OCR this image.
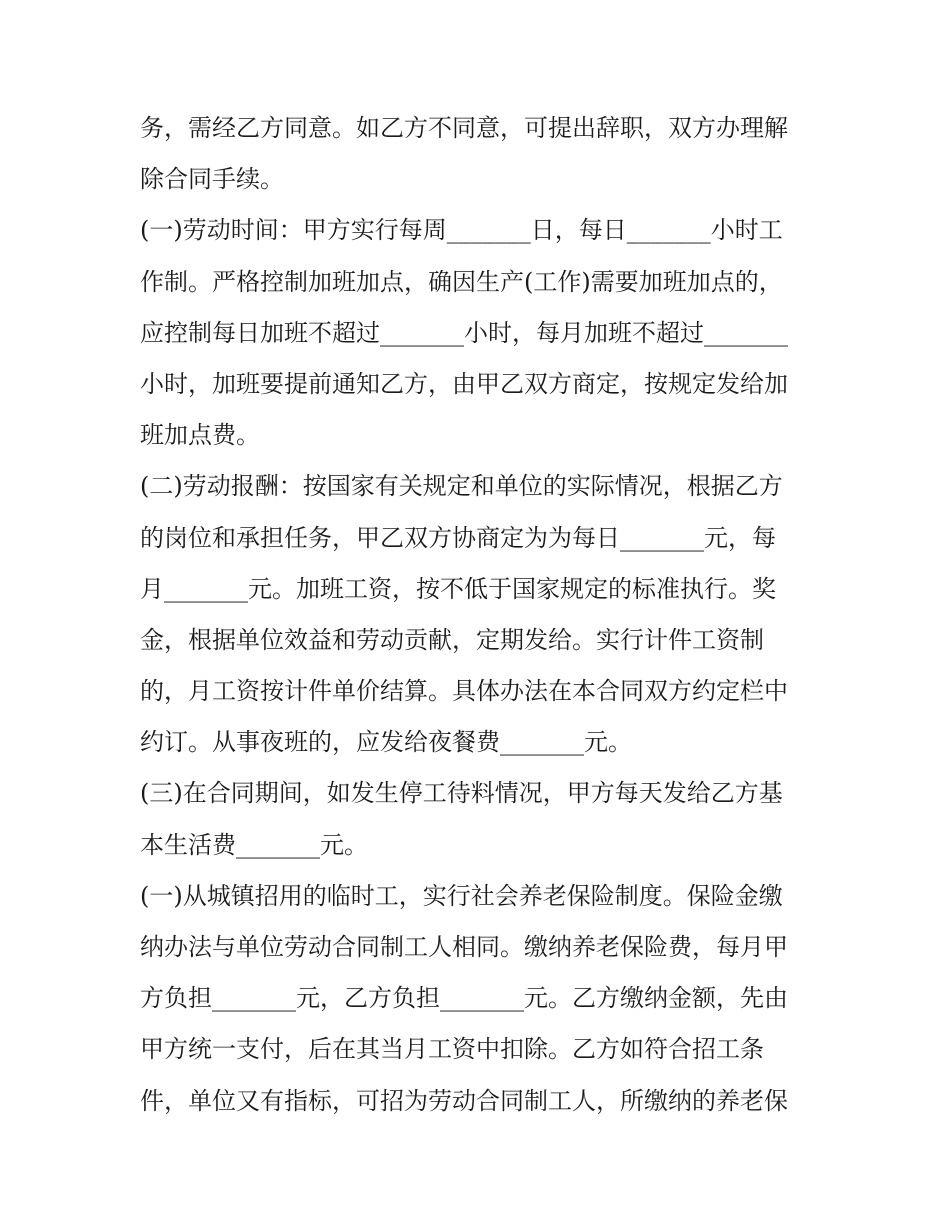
务，需经乙方同意。如乙方不同意，可提出辞职，双方办理解
除合同手续。
(一)劳动时间：甲方实行每周_______日，每日_______小时工
作制。严格控制加班加点，确因生产(工作)需要加班加点的，
应控制每日加班不超过_______小时，每月加班不超过_______
小时，加班要提前通知乙方，由甲乙双方商定，按规定发给加
班加点费。
(二)劳动报酬：按国家有关规定和单位的实际情况，根据乙方
的岗位和承担任务，甲乙双方协商定为为每日_______元，每
月_______元。加班工资，按不低于国家规定的标准执行。奖
金，根据单位效益和劳动贡献，定期发给。实行计件工资制
的，月工资按计件单价结算。具体办法在本合同双方约定栏中
约订。从事夜班的，应发给夜餐费_______元。
(三)在合同期间，如发生停工待料情况，甲方每天发给乙方基
本生活费_______元。
(一)从城镇招用的临时工，实行社会养老保险制度。保险金缴
纳办法与单位劳动合同制工人相同。缴纳养老保险费，每月甲
方负担_______元，乙方负担_______元。乙方缴纳金额，先由
甲方统一支付，后在其当月工资中扣除。乙方如符合招工条
件，单位又有指标，可招为劳动合同制工人，所缴纳的养老保
